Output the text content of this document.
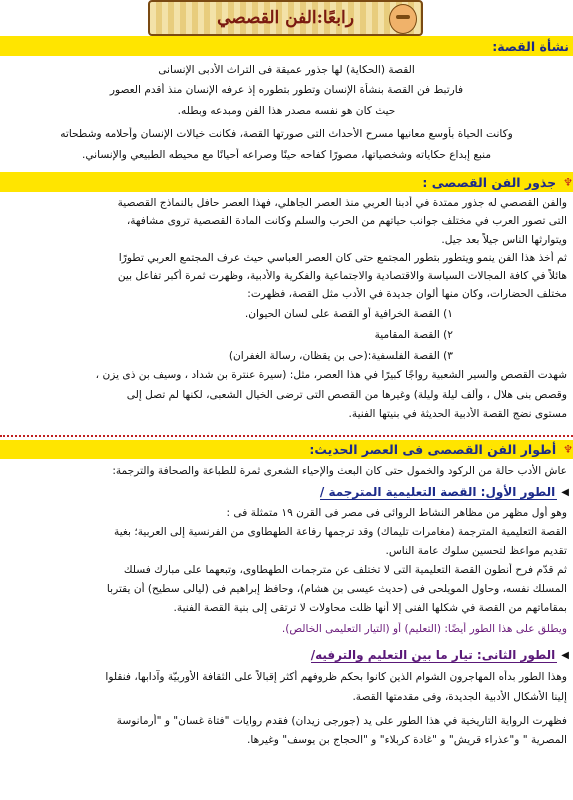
رابعًا:الفن القصصي
نشأة القصة:
القصة (الحكاية) لها جذور عميقة فى التراث الأدبى الإنسانى
فارتبط فن القصة بنشأة الإنسان وتطور بتطوره إذ عرفه الإنسان منذ أقدم العصور
حيث كان هو نفسه مصدر هذا الفن ومبدعه وبطله.
وكانت الحياة بأوسع معانيها مسرح الأحداث التى صورتها القصة، فكانت خيالات الإنسان وأحلامه وشطحاته
منبع إبداع حكاياته وشخصياتها، مصورًا كفاحه حينًا وصراعه أحيانًا مع محيطه الطبيعي والإنساني.
♆
جذور الفن القصصى :
والفن القصصي له جذور ممتدة في أدبنا العربي منذ العصر الجاهلي، فهذا العصر حافل بالنماذج القصصية
التى تصور العرب في مختلف جوانب حياتهم من الحرب والسلم وكانت المادة القصصية تروى مشافهة،
ويتوارثها الناس جيلاً بعد جيل.
ثم أخذ هذا الفن ينمو ويتطور بتطور المجتمع حتى كان العصر العباسي حيث عرف المجتمع العربي تطورًا
هائلاً في كافة المجالات السياسة والاقتصادية والاجتماعية والفكرية والأدبية، وظهرت ثمرة أكبر تفاعل بين
مختلف الحضارات، وكان منها ألوان جديدة في الأدب مثل القصة، فظهرت:
١) القصة الخرافية أو القصة على لسان الحيوان.
٢) القصة المقامية
٣) القصة الفلسفية:(حى بن يقظان، رسالة الغفران)
شهدت القصص والسير الشعبية رواجًا كبيرًا في هذا العصر، مثل: (سيرة عنترة بن شداد ، وسيف بن ذى يزن ،
وقصص بنى هلال ، وألف ليلة وليلة) وغيرها من القصص التى ترضى الخيال الشعبى، لكنها لم تصل إلى
مستوى نضج القصة الأدبية الحديثة في بنيتها الفنية.
♆
أطوار الفن القصصى فى العصر الحديث:
عاش الأدب حالة من الركود والخمول حتى كان البعث والإحياء الشعرى ثمرة للطباعة والصحافة والترجمة:
◀
الطور الأول: القصة التعليمية المترجمة /
وهو أول مظهر من مظاهر النشاط الروائى فى مصر فى القرن ١٩ متمثلة فى :
القصة التعليمية المترجمة (مغامرات تليماك) وقد ترجمها رفاعة الطهطاوى من الفرنسية إلى العربية؛ بغية
تقديم مواعظ لتحسين سلوك عامة الناس.
ثم قدّم فرح أنطون القصة التعليمية التى لا تختلف عن مترجمات الطهطاوى، وتبعهما على مبارك فسلك
المسلك نفسه، وحاول المويلحى فى (حديث عيسى بن هشام)، وحافظ إبراهيم فى (ليالى سطيح) أن يقتربا
بمقاماتهم من القصة في شكلها الفنى إلا أنها ظلت محاولات لا ترتقى إلى بنية القصة الفنية.
ويطلق على هذا الطور أيضًا: (التعليم) أو (التيار التعليمى الخالص).
◀
الطور الثانى: تيار ما بين التعليم والترفيه/
وهذا الطور بدأه المهاجرون الشوام الذين كانوا بحكم ظروفهم أكثر إقبالاً على الثقافة الأوربيّة وآدابها، فنقلوا
إلينا الأشكال الأدبية الجديدة، وفى مقدمتها القصة.
فظهرت الرواية التاريخية في هذا الطور على يد (جورجى زيدان) فقدم روايات "فتاة غسان" و "أرمانوسة
المصرية " و"عذراء قريش" و "غادة كربلاء" و "الحجاج بن يوسف" وغيرها.
